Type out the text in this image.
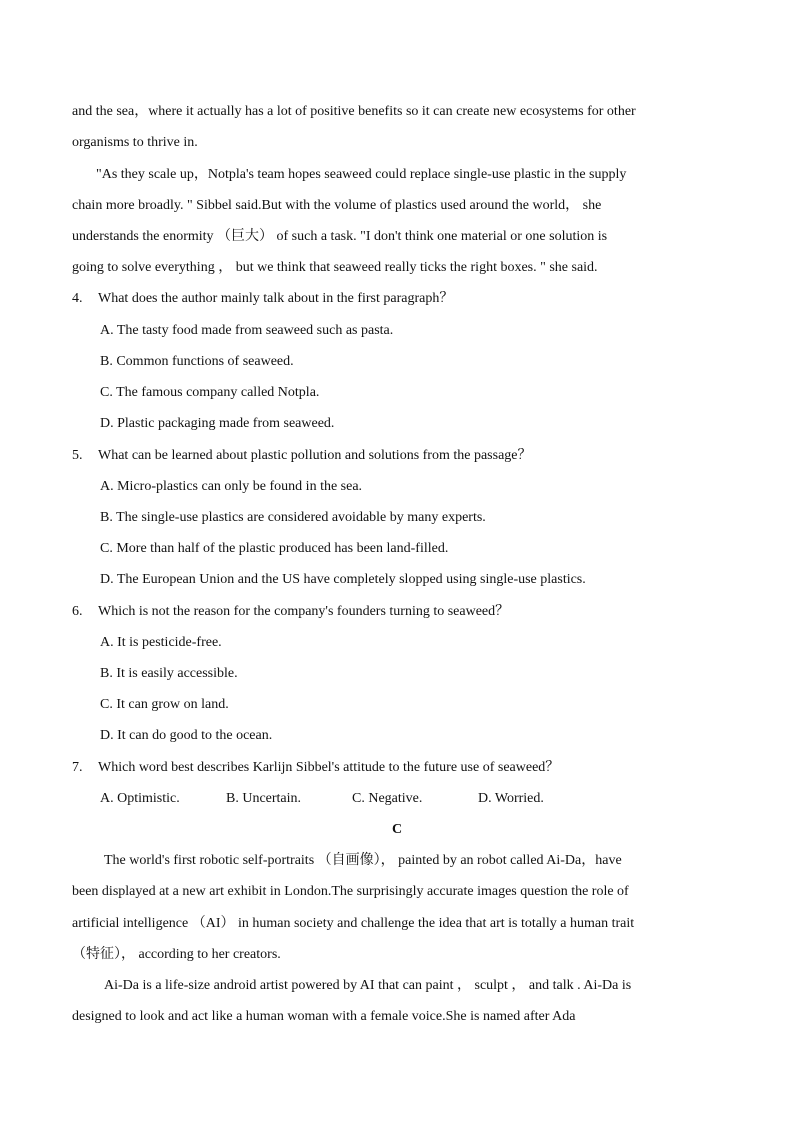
and the sea，where it actually has a lot of positive benefits so it can create new ecosystems for other
organisms to thrive in.
"As they scale up，Notpla's team hopes seaweed could replace single-use plastic in the supply
chain more broadly. " Sibbel said.But with the volume of plastics used around the world， she
understands the enormity （巨大） of such a task. "I don't think one material or one solution is
going to solve everything ， but we think that seaweed really ticks the right boxes. " she said.
4. What does the author mainly talk about in the first paragraph？
A. The tasty food made from seaweed such as pasta.
B. Common functions of seaweed.
C. The famous company called Notpla.
D. Plastic packaging made from seaweed.
5. What can be learned about plastic pollution and solutions from the passage？
A. Micro-plastics can only be found in the sea.
B. The single-use plastics are considered avoidable by many experts.
C. More than half of the plastic produced has been land-filled.
D. The European Union and the US have completely slopped using single-use plastics.
6. Which is not the reason for the company's founders turning to seaweed？
A. It is pesticide-free.
B. It is easily accessible.
C. It can grow on land.
D. It can do good to the ocean.
7. Which word best describes Karlijn Sibbel's attitude to the future use of seaweed？
A. Optimistic.	B. Uncertain.	C. Negative.	D. Worried.
C
The world's first robotic self-portraits （自画像）， painted by an robot called Ai-Da，have
been displayed at a new art exhibit in London.The surprisingly accurate images question the role of
artificial intelligence （AI） in human society and challenge the idea that art is totally a human trait
（特征）， according to her creators.
Ai-Da is a life-size android artist powered by AI that can paint ， sculpt ， and talk . Ai-Da is
designed to look and act like a human woman with a female voice.She is named after Ada
